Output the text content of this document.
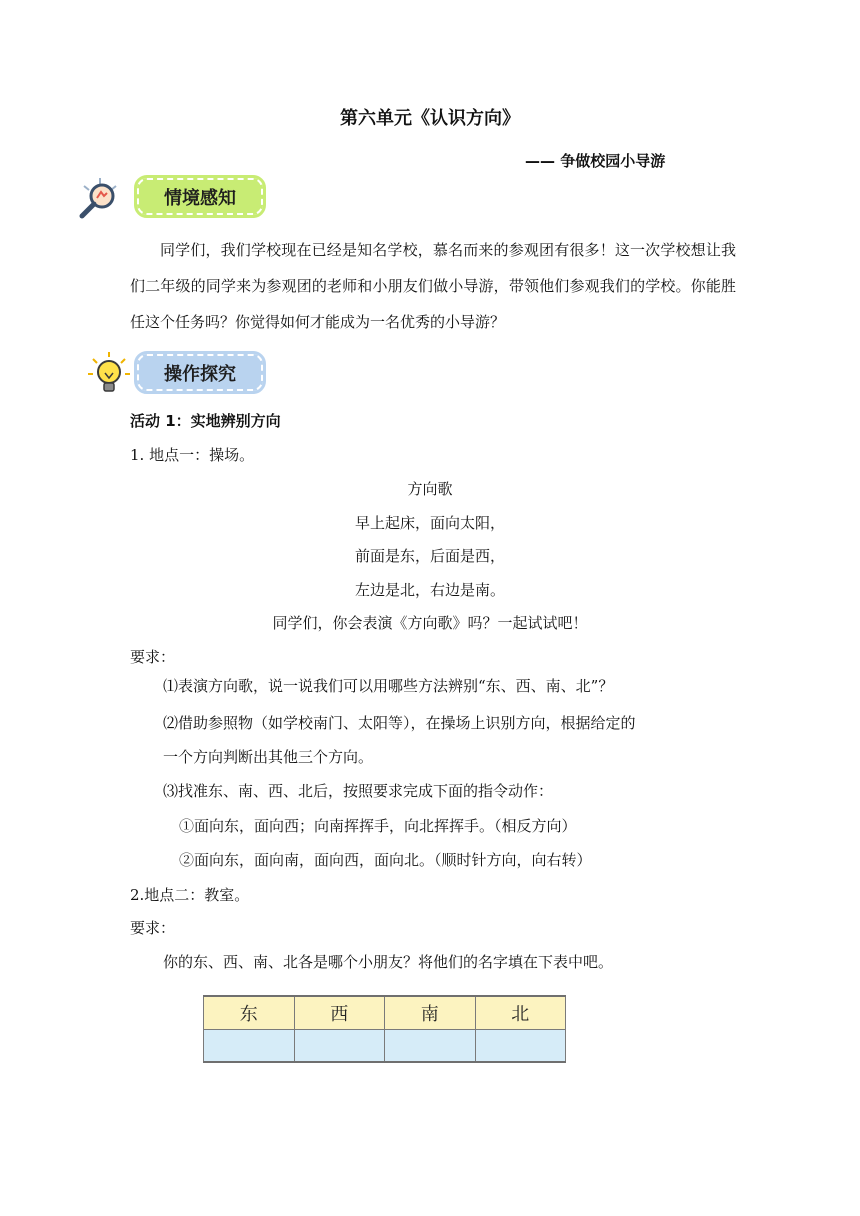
第六单元《认识方向》
—— 争做校园小导游
情境感知
同学们，我们学校现在已经是知名学校，慕名而来的参观团有很多！这一次学校想让我们二年级的同学来为参观团的老师和小朋友们做小导游，带领他们参观我们的学校。你能胜任这个任务吗？你觉得如何才能成为一名优秀的小导游？
操作探究
活动 1：实地辨别方向
1. 地点一：操场。
方向歌
早上起床，面向太阳，
前面是东，后面是西，
左边是北，右边是南。
同学们，你会表演《方向歌》吗？一起试试吧！
要求：
⑴表演方向歌，说一说我们可以用哪些方法辨别“东、西、南、北”？
⑵借助参照物（如学校南门、太阳等），在操场上识别方向，根据给定的
一个方向判断出其他三个方向。
⑶找准东、南、西、北后，按照要求完成下面的指令动作：
①面向东，面向西；向南挥挥手，向北挥挥手。（相反方向）
②面向东，面向南，面向西，面向北。（顺时针方向，向右转）
2.地点二：教室。
要求：
你的东、西、南、北各是哪个小朋友？将他们的名字填在下表中吧。
东	西	南	北
